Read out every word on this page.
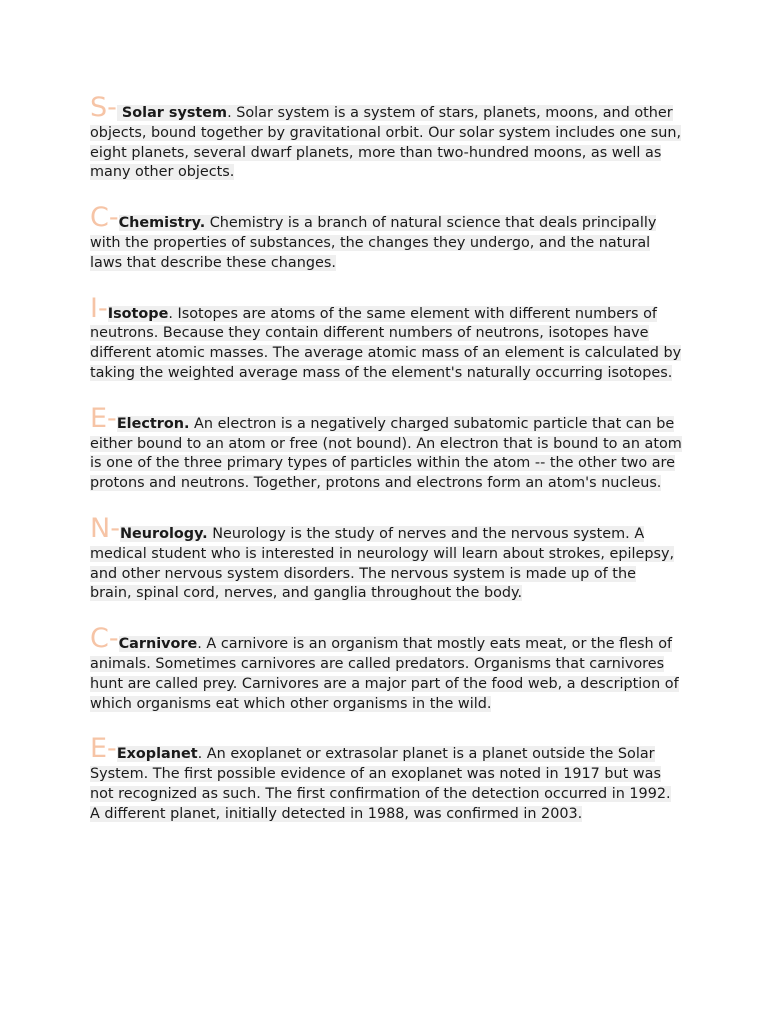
S- Solar system. Solar system is a system of stars, planets, moons, and other objects, bound together by gravitational orbit. Our solar system includes one sun, eight planets, several dwarf planets, more than two-hundred moons, as well as many other objects.

C-Chemistry. Chemistry is a branch of natural science that deals principally with the properties of substances, the changes they undergo, and the natural laws that describe these changes.

I-Isotope. Isotopes are atoms of the same element with different numbers of neutrons. Because they contain different numbers of neutrons, isotopes have different atomic masses. The average atomic mass of an element is calculated by taking the weighted average mass of the element's naturally occurring isotopes.

E-Electron. An electron is a negatively charged subatomic particle that can be either bound to an atom or free (not bound). An electron that is bound to an atom is one of the three primary types of particles within the atom -- the other two are protons and neutrons. Together, protons and electrons form an atom's nucleus.

N-Neurology. Neurology is the study of nerves and the nervous system. A medical student who is interested in neurology will learn about strokes, epilepsy, and other nervous system disorders. The nervous system is made up of the brain, spinal cord, nerves, and ganglia throughout the body.

C-Carnivore. A carnivore is an organism that mostly eats meat, or the flesh of animals. Sometimes carnivores are called predators. Organisms that carnivores hunt are called prey. Carnivores are a major part of the food web, a description of which organisms eat which other organisms in the wild.

E-Exoplanet. An exoplanet or extrasolar planet is a planet outside the Solar System. The first possible evidence of an exoplanet was noted in 1917 but was not recognized as such. The first confirmation of the detection occurred in 1992. A different planet, initially detected in 1988, was confirmed in 2003.
